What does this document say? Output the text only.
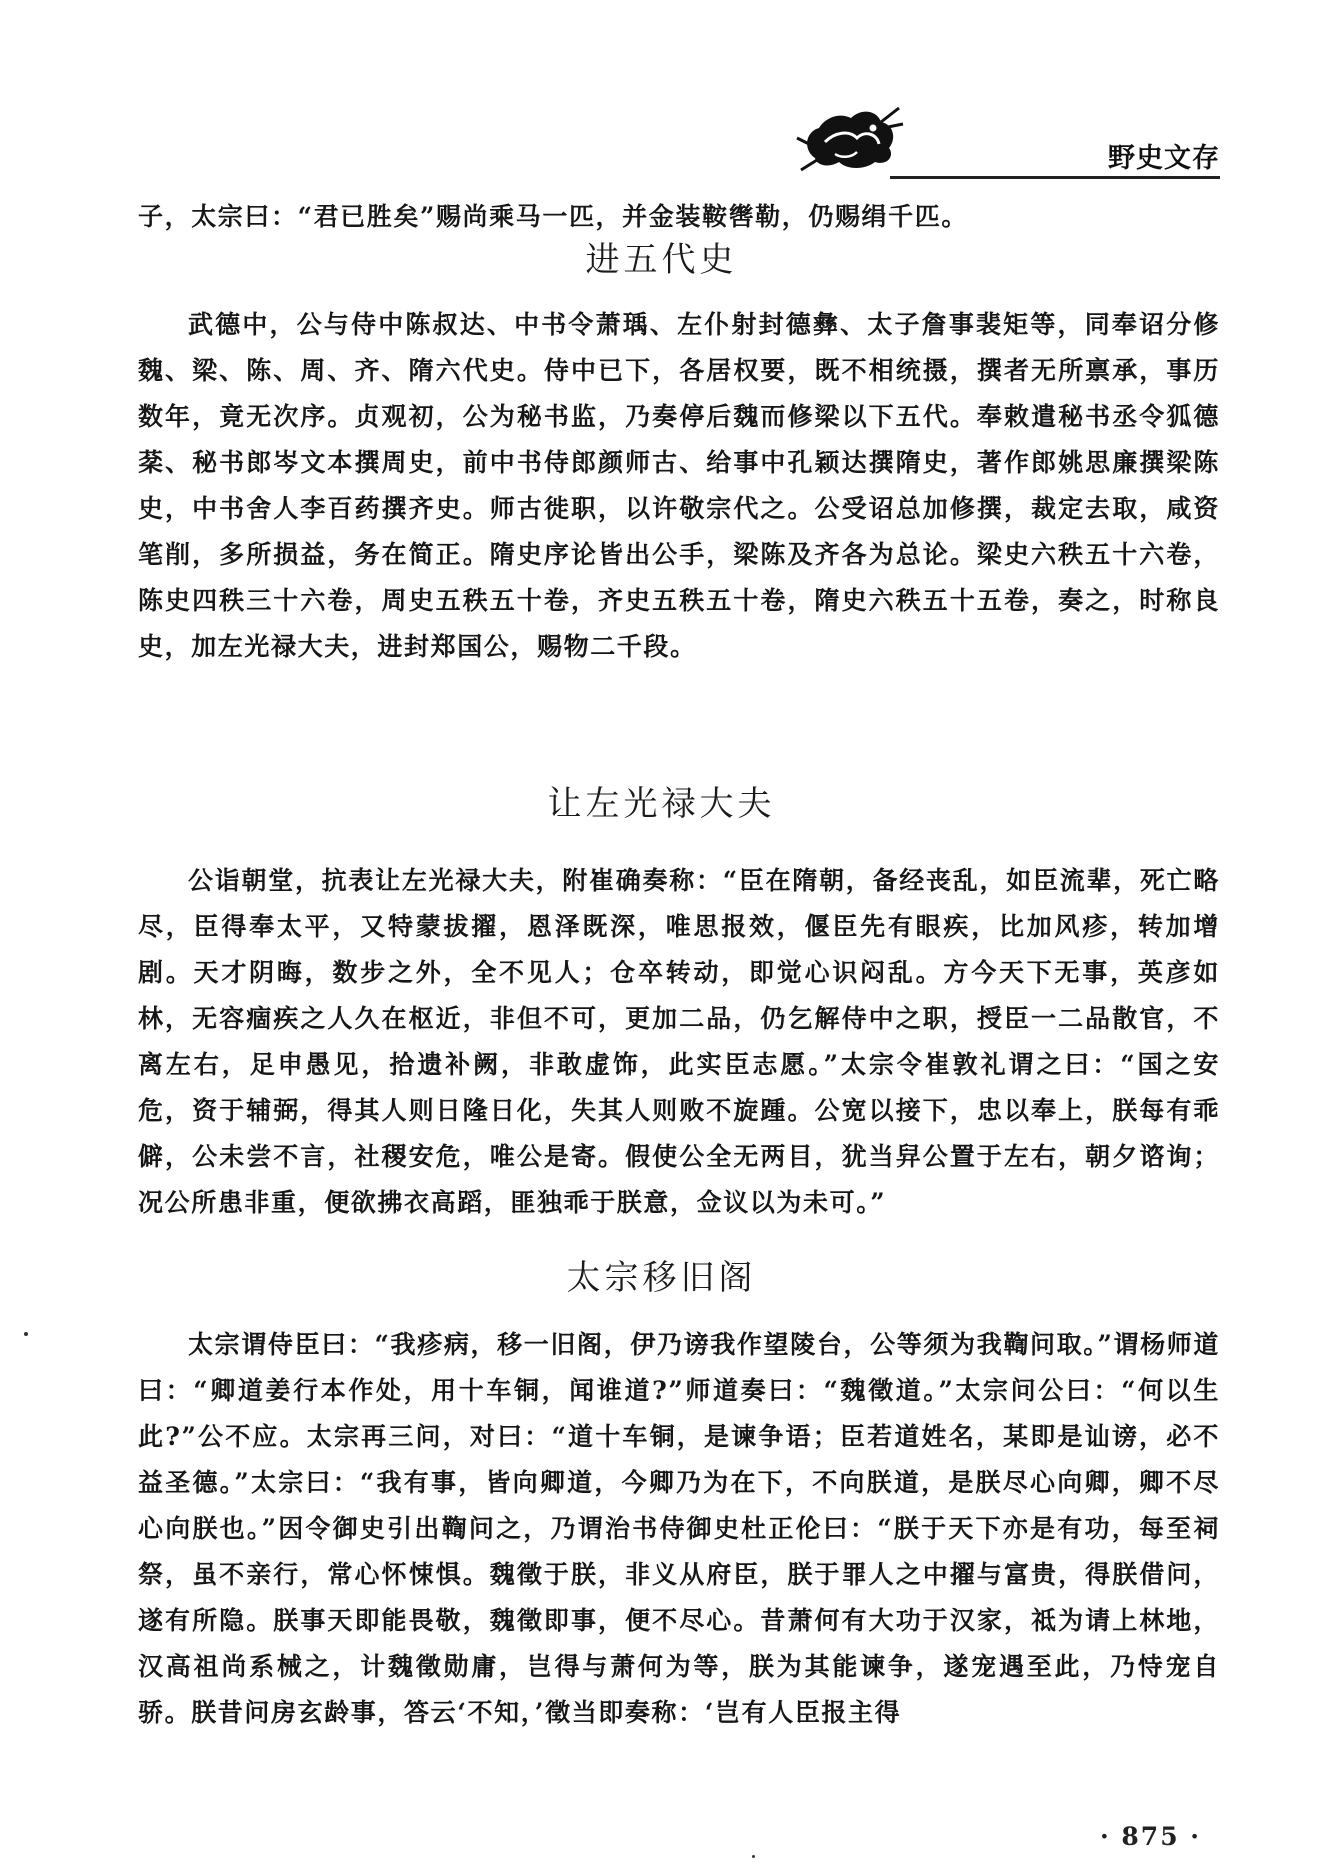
野史文存

子，太宗曰：“君已胜矣”赐尚乘马一匹，并金装鞍辔勒，仍赐绢千匹。

进五代史

武德中，公与侍中陈叔达、中书令萧瑀、左仆射封德彝、太子詹事裴矩等，同奉诏分修魏、梁、陈、周、齐、隋六代史。侍中已下，各居权要，既不相统摄，撰者无所禀承，事历数年，竟无次序。贞观初，公为秘书监，乃奏停后魏而修梁以下五代。奉敕遣秘书丞令狐德棻、秘书郎岑文本撰周史，前中书侍郎颜师古、给事中孔颖达撰隋史，著作郎姚思廉撰梁陈史，中书舍人李百药撰齐史。师古徙职，以许敬宗代之。公受诏总加修撰，裁定去取，咸资笔削，多所损益，务在简正。隋史序论皆出公手，梁陈及齐各为总论。梁史六秩五十六卷，陈史四秩三十六卷，周史五秩五十卷，齐史五秩五十卷，隋史六秩五十五卷，奏之，时称良史，加左光禄大夫，进封郑国公，赐物二千段。

让左光禄大夫

公诣朝堂，抗表让左光禄大夫，附崔确奏称：“臣在隋朝，备经丧乱，如臣流辈，死亡略尽，臣得奉太平，又特蒙拔擢，恩泽既深，唯思报效，偃臣先有眼疾，比加风疹，转加增剧。天才阴晦，数步之外，全不见人；仓卒转动，即觉心识闷乱。方今天下无事，英彦如林，无容痼疾之人久在枢近，非但不可，更加二品，仍乞解侍中之职，授臣一二品散官，不离左右，足申愚见，拾遗补阙，非敢虚饰，此实臣志愿。”太宗令崔敦礼谓之曰：“国之安危，资于辅弼，得其人则日隆日化，失其人则败不旋踵。公宽以接下，忠以奉上，朕每有乖僻，公未尝不言，社稷安危，唯公是寄。假使公全无两目，犹当舁公置于左右，朝夕谘询；况公所患非重，便欲拂衣高蹈，匪独乖于朕意，佥议以为未可。”

太宗移旧阁

太宗谓侍臣曰：“我疹病，移一旧阁，伊乃谤我作望陵台，公等须为我鞫问取。”谓杨师道曰：“卿道姜行本作处，用十车铜，闻谁道?”师道奏曰：“魏徵道。”太宗问公曰：“何以生此?”公不应。太宗再三问，对曰：“道十车铜，是谏争语；臣若道姓名，某即是讪谤，必不益圣德。”太宗曰：“我有事，皆向卿道，今卿乃为在下，不向朕道，是朕尽心向卿，卿不尽心向朕也。”因令御史引出鞫问之，乃谓治书侍御史杜正伦曰：“朕于天下亦是有功，每至祠祭，虽不亲行，常心怀悚惧。魏徵于朕，非义从府臣，朕于罪人之中擢与富贵，得朕借问，遂有所隐。朕事天即能畏敬，魏徵即事，便不尽心。昔萧何有大功于汉家，祗为请上林地，汉高祖尚系械之，计魏徵勋庸，岂得与萧何为等，朕为其能谏争，遂宠遇至此，乃恃宠自骄。朕昔问房玄龄事，答云‘不知，’徵当即奏称：‘岂有人臣报主得

· 875 ·
